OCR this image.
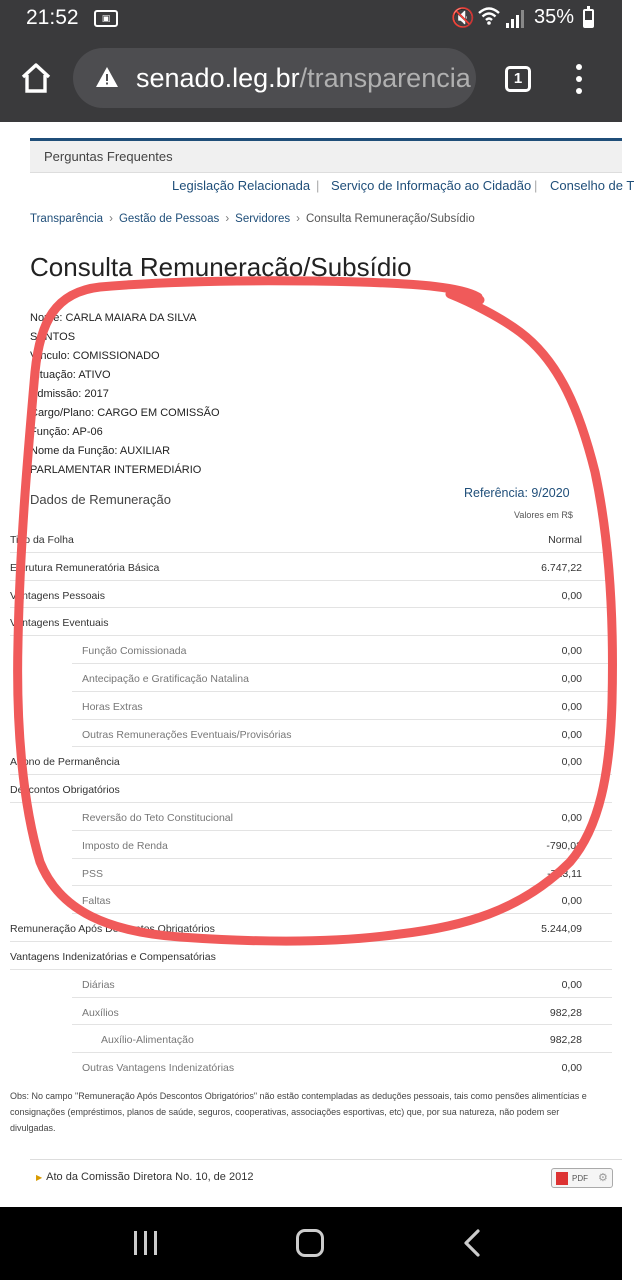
21:52	▣	🔇	35%
senado.leg.br/transparencia	1
Perguntas Frequentes
Legislação Relacionada | Serviço de Informação ao Cidadão | Conselho de T
Transparência › Gestão de Pessoas › Servidores › Consulta Remuneração/Subsídio
Consulta Remuneração/Subsídio
Nome: CARLA MAIARA DA SILVA
SANTOS
Vínculo: COMISSIONADO
Situação: ATIVO
Admissão: 2017
Cargo/Plano: CARGO EM COMISSÃO
Função: AP-06
Nome da Função: AUXILIAR
PARLAMENTAR INTERMEDIÁRIO
Dados de Remuneração	Referência: 9/2020
Valores em R$
Tipo da Folha	Normal
Estrutura Remuneratória Básica	6.747,22
Vantagens Pessoais	0,00
Vantagens Eventuais
Função Comissionada	0,00
Antecipação e Gratificação Natalina	0,00
Horas Extras	0,00
Outras Remunerações Eventuais/Provisórias	0,00
Abono de Permanência	0,00
Descontos Obrigatórios
Reversão do Teto Constitucional	0,00
Imposto de Renda	-790,02
PSS	-713,11
Faltas	0,00
Remuneração Após Descontos Obrigatórios	5.244,09
Vantagens Indenizatórias e Compensatórias
Diárias	0,00
Auxílios	982,28
Auxílio-Alimentação	982,28
Outras Vantagens Indenizatórias	0,00
Obs: No campo "Remuneração Após Descontos Obrigatórios" não estão contempladas as deduções pessoais, tais como pensões alimentícias e consignações (empréstimos, planos de saúde, seguros, cooperativas, associações esportivas, etc) que, por sua natureza, não podem ser divulgadas.
▶ Ato da Comissão Diretora No. 10, de 2012	PDF ⚙
